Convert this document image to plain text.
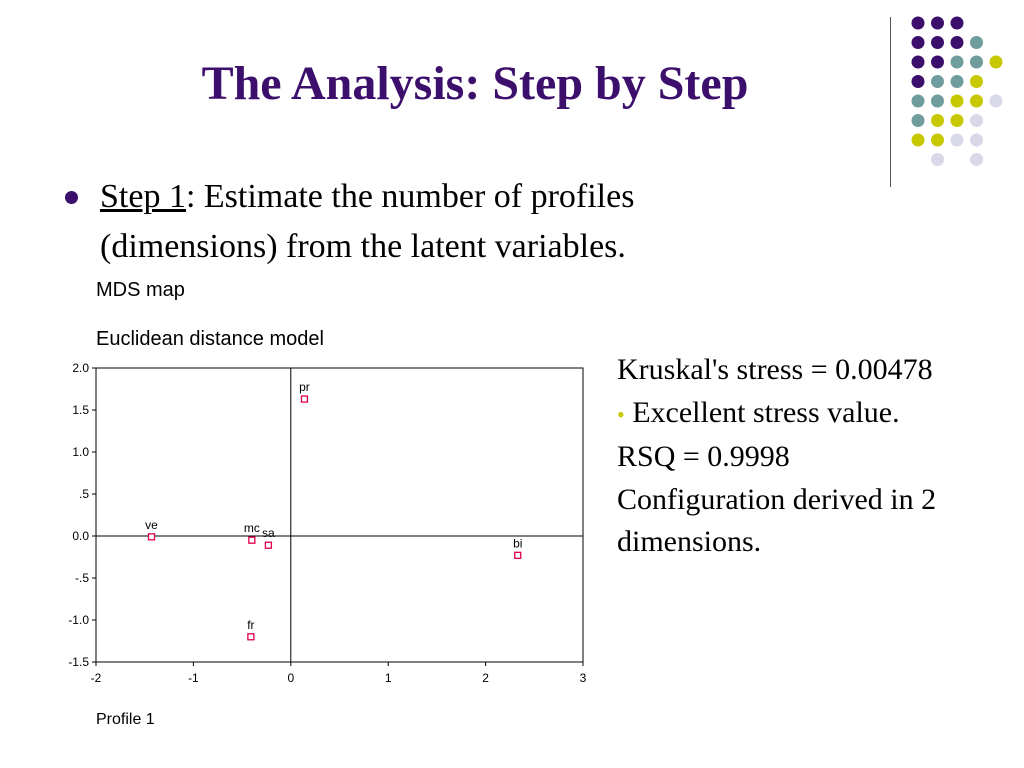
The Analysis: Step by Step
Step 1: Estimate the number of profiles
(dimensions) from the latent variables.

MDS map

Euclidean distance model

Profile 1

-2	-1	0	1	2	3
2.0
1.5
1.0
.5
0.0
-.5
-1.0
-1.5
pr
ve	mc sa
bi
fr
Kruskal's stress = 0.00478
• Excellent stress value.
RSQ = 0.9998
Configuration derived in 2
dimensions.
